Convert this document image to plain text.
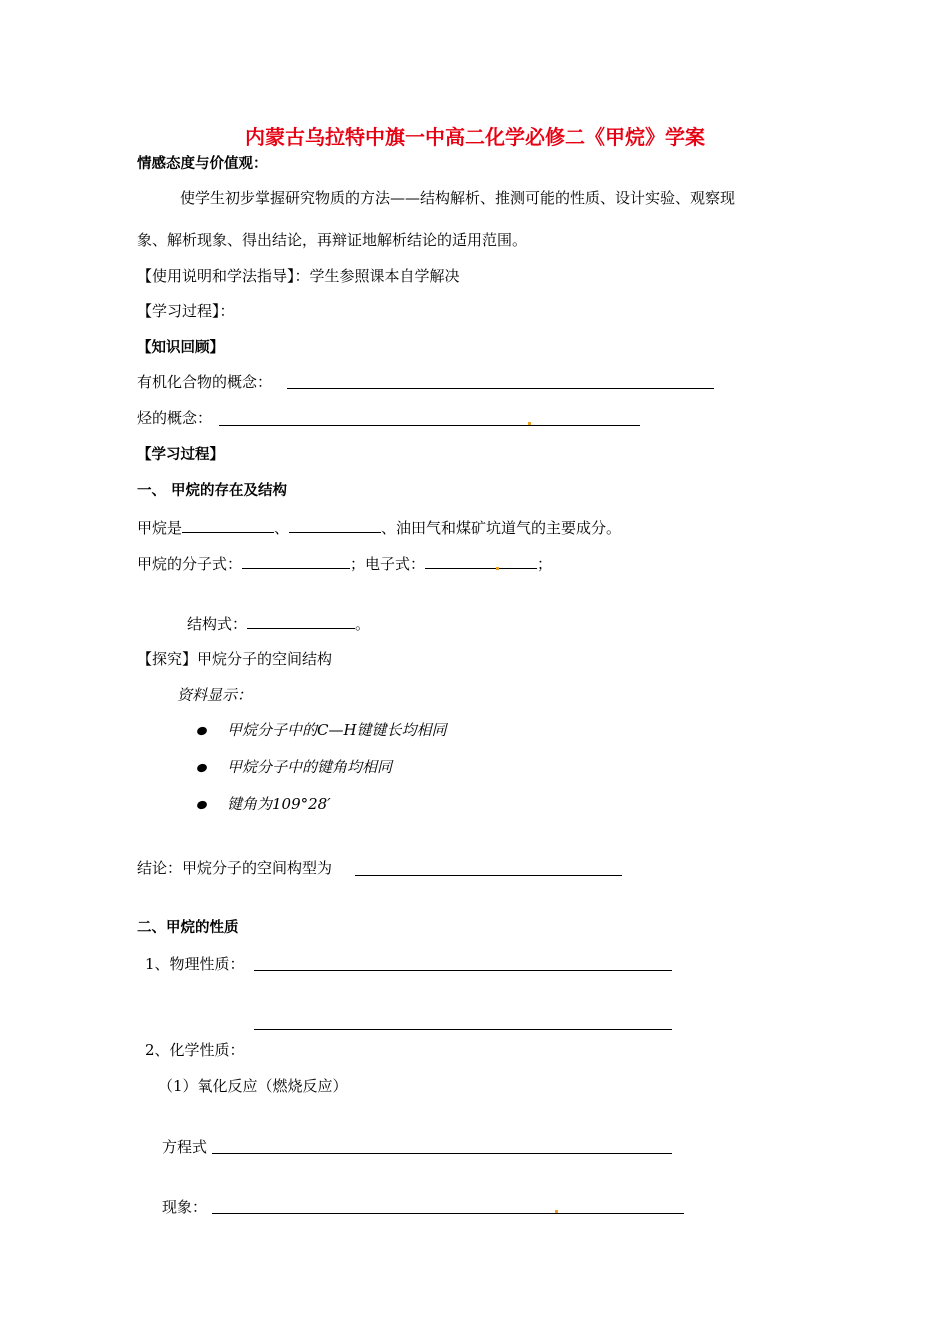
内蒙古乌拉特中旗一中高二化学必修二《甲烷》学案
情感态度与价值观：
使学生初步掌握研究物质的方法——结构解析、推测可能的性质、设计实验、观察现
象、解析现象、得出结论，再辩证地解析结论的适用范围。
【使用说明和学法指导】：学生参照课本自学解决
【学习过程】：
【知识回顾】
有机化合物的概念：
烃的概念：
【学习过程】
一、 甲烷的存在及结构
甲烷是	、	、油田气和煤矿坑道气的主要成分。
甲烷的分子式：	；电子式：	；
结构式：	。
【探究】甲烷分子的空间结构
资料显示：
甲烷分子中的C—H键键长均相同
甲烷分子中的键角均相同
键角为109°28′
结论：甲烷分子的空间构型为
二、甲烷的性质
1、物理性质：
2、化学性质：
（1）氧化反应（燃烧反应）
方程式
现象：
